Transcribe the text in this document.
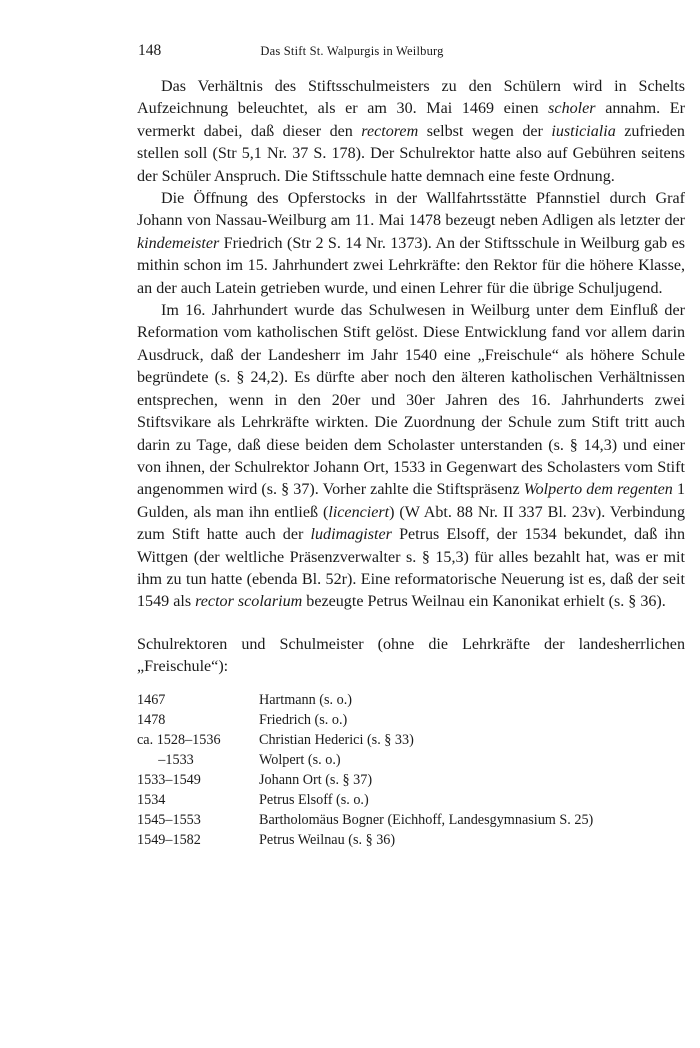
148	Das Stift St. Walpurgis in Weilburg

Das Verhältnis des Stiftsschulmeisters zu den Schülern wird in Schelts Aufzeichnung beleuchtet, als er am 30. Mai 1469 einen scholer annahm. Er vermerkt dabei, daß dieser den rectorem selbst wegen der iusticialia zufrieden stellen soll (Str 5,1 Nr. 37 S. 178). Der Schulrektor hatte also auf Gebühren seitens der Schüler Anspruch. Die Stiftsschule hatte demnach eine feste Ordnung.

Die Öffnung des Opferstocks in der Wallfahrtsstätte Pfannstiel durch Graf Johann von Nassau-Weilburg am 11. Mai 1478 bezeugt neben Adligen als letzter der kindemeister Friedrich (Str 2 S. 14 Nr. 1373). An der Stiftsschule in Weilburg gab es mithin schon im 15. Jahrhundert zwei Lehrkräfte: den Rektor für die höhere Klasse, an der auch Latein getrieben wurde, und einen Lehrer für die übrige Schuljugend.

Im 16. Jahrhundert wurde das Schulwesen in Weilburg unter dem Einfluß der Reformation vom katholischen Stift gelöst. Diese Entwicklung fand vor allem darin Ausdruck, daß der Landesherr im Jahr 1540 eine „Freischule“ als höhere Schule begründete (s. § 24,2). Es dürfte aber noch den älteren katholischen Verhältnissen entsprechen, wenn in den 20er und 30er Jahren des 16. Jahrhunderts zwei Stiftsvikare als Lehrkräfte wirkten. Die Zuordnung der Schule zum Stift tritt auch darin zu Tage, daß diese beiden dem Scholaster unterstanden (s. § 14,3) und einer von ihnen, der Schulrektor Johann Ort, 1533 in Gegenwart des Scholasters vom Stift angenommen wird (s. § 37). Vorher zahlte die Stiftspräsenz Wolperto dem regenten 1 Gulden, als man ihn entließ (licenciert) (W Abt. 88 Nr. II 337 Bl. 23v). Verbindung zum Stift hatte auch der ludimagister Petrus Elsoff, der 1534 bekundet, daß ihn Wittgen (der weltliche Präsenzverwalter s. § 15,3) für alles bezahlt hat, was er mit ihm zu tun hatte (ebenda Bl. 52r). Eine reformatorische Neuerung ist es, daß der seit 1549 als rector scolarium bezeugte Petrus Weilnau ein Kanonikat erhielt (s. § 36).

Schulrektoren und Schulmeister (ohne die Lehrkräfte der landesherrlichen „Freischule“):

1467	Hartmann (s. o.)
1478	Friedrich (s. o.)
ca. 1528–1536	Christian Hederici (s. § 33)
–1533	Wolpert (s. o.)
1533–1549	Johann Ort (s. § 37)
1534	Petrus Elsoff (s. o.)
1545–1553	Bartholomäus Bogner (Eichhoff, Landesgymnasium S. 25)
1549–1582	Petrus Weilnau (s. § 36)
